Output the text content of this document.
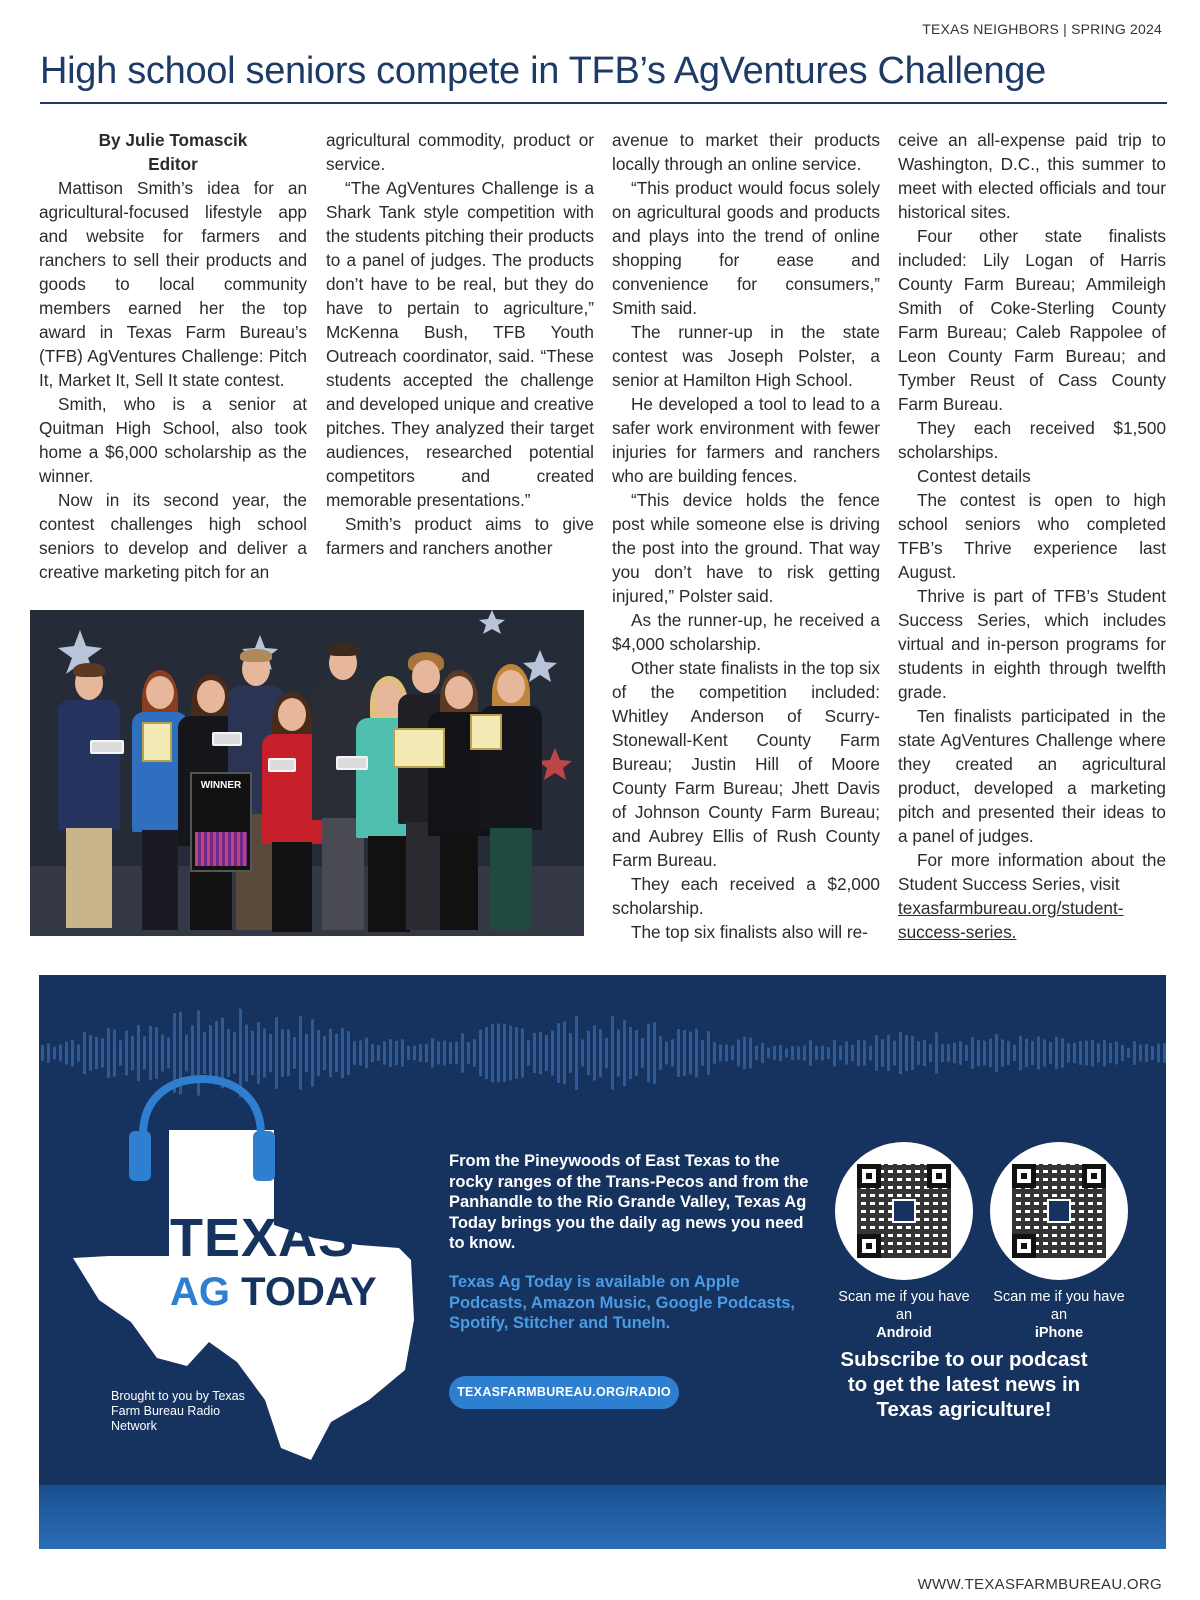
TEXAS NEIGHBORS | SPRING 2024
High school seniors compete in TFB’s AgVentures Challenge

By Julie Tomascik

Editor

Mattison Smith’s idea for an agricultural-focused lifestyle app and website for farmers and ranchers to sell their products and goods to local community members earned her the top award in Texas Farm Bureau’s (TFB) AgVentures Challenge: Pitch It, Market It, Sell It state contest.

Smith, who is a senior at Quitman High School, also took home a $6,000 scholarship as the winner.

Now in its second year, the contest challenges high school seniors to develop and deliver a creative marketing pitch for an

agricultural commodity, product or service.

“The AgVentures Challenge is a Shark Tank style competition with the students pitching their products to a panel of judges. The products don’t have to be real, but they do have to pertain to agriculture,” McKenna Bush, TFB Youth Outreach coordinator, said. “These students accepted the challenge and developed unique and creative pitches. They analyzed their target audiences, researched potential competitors and created memorable presentations.”

Smith’s product aims to give farmers and ranchers another

avenue to market their products locally through an online service.

“This product would focus solely on agricultural goods and products and plays into the trend of online shopping for ease and convenience for consumers,” Smith said.

The runner-up in the state contest was Joseph Polster, a senior at Hamilton High School.

He developed a tool to lead to a safer work environment with fewer injuries for farmers and ranchers who are building fences.

“This device holds the fence post while someone else is driving the post into the ground. That way you don’t have to risk getting injured,” Polster said.

As the runner-up, he received a $4,000 scholarship.

Other state finalists in the top six of the competition included: Whitley Anderson of Scurry-Stonewall-Kent County Farm Bureau; Justin Hill of Moore County Farm Bureau; Jhett Davis of Johnson County Farm Bureau; and Aubrey Ellis of Rush County Farm Bureau.

They each received a $2,000 scholarship.

The top six finalists also will re-

ceive an all-expense paid trip to Washington, D.C., this summer to meet with elected officials and tour historical sites.

Four other state finalists included: Lily Logan of Harris County Farm Bureau; Ammileigh Smith of Coke-Sterling County Farm Bureau; Caleb Rappolee of Leon County Farm Bureau; and Tymber Reust of Cass County Farm Bureau.

They each received $1,500 scholarships.

Contest details

The contest is open to high school seniors who completed TFB’s Thrive experience last August.

Thrive is part of TFB’s Student Success Series, which includes virtual and in-person programs for students in eighth through twelfth grade.

Ten finalists participated in the state AgVentures Challenge where they created an agricultural product, developed a marketing pitch and presented their ideas to a panel of judges.

For more information about the Student Success Series, visit

texasfarmbureau.org/student-success-series.

WINNER
TEXAS
AG TODAY
Brought to you by Texas Farm Bureau Radio Network
From the Pineywoods of East Texas to the rocky ranges of the Trans-Pecos and from the Panhandle to the Rio Grande Valley, Texas Ag Today brings you the daily ag news you need to know.
Texas Ag Today is available on Apple Podcasts, Amazon Music, Google Podcasts, Spotify, Stitcher and TuneIn.
TEXASFARMBUREAU.ORG/RADIO
Scan me if you have an
Android
Scan me if you have an
iPhone
Subscribe to our podcast to get the latest news in Texas agriculture!
WWW.TEXASFARMBUREAU.ORG
